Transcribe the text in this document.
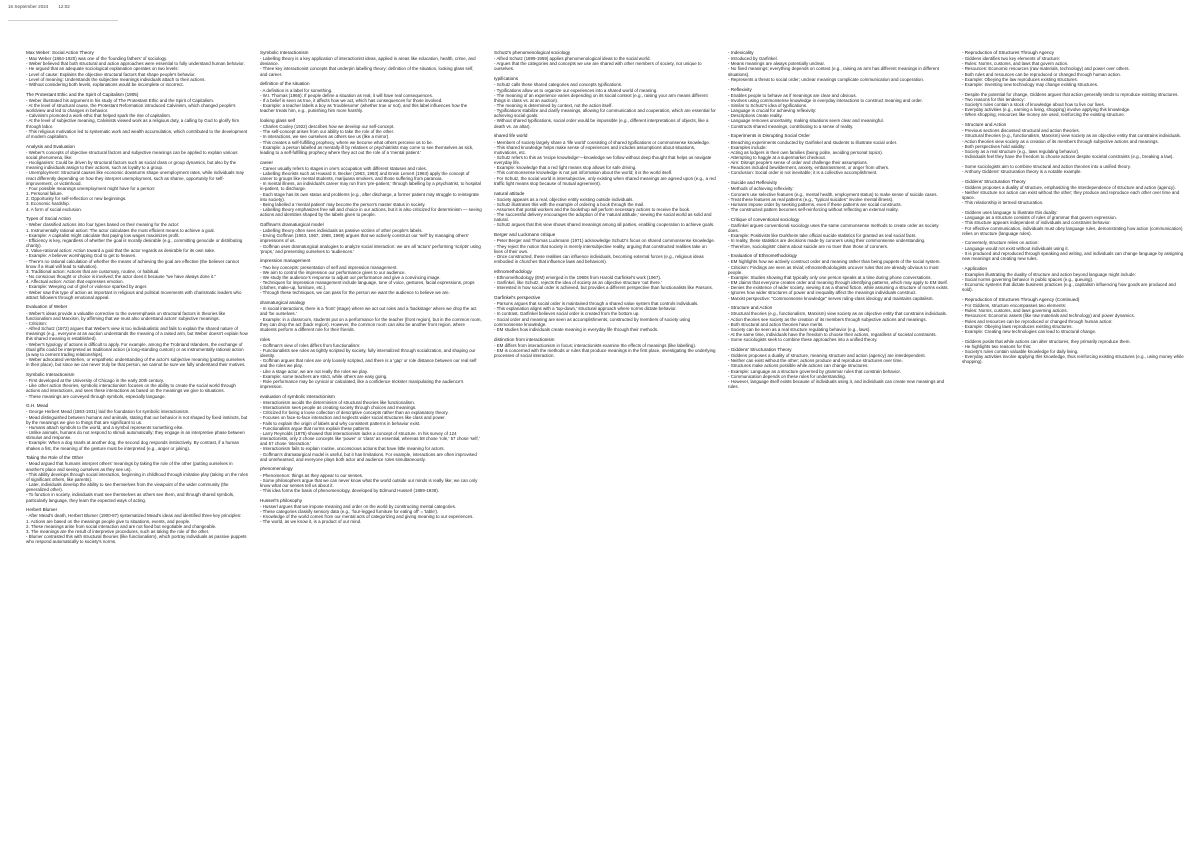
16 September 2024 12:02
Max Weber: Social Action Theory

- Max Weber (1864-1920) was one of the 'founding fathers' of sociology.

- Weber believed that both structural and action approaches were essential to fully understand human behavior.

- He argued that an adequate sociological explanation operates on two levels:

- Level of cause: Explains the objective structural factors that shape people's behavior.

- Level of meaning: Understands the subjective meanings individuals attach to their actions.

- Without considering both levels, explanations would be incomplete or incorrect.

The Protestant Ethic and the Spirit of Capitalism (1905)

- Weber illustrated his argument in his study of The Protestant Ethic and the Spirit of Capitalism.

- At the level of structural cause, the Protestant Reformation introduced Calvinism, which changed people's worldview and led to changes in behavior.

- Calvinism promoted a work ethic that helped spark the rise of capitalism.

- At the level of subjective meaning, Calvinists viewed work as a religious duty, a calling by God to glorify him through labor.

- This religious motivation led to systematic work and wealth accumulation, which contributed to the development of modern capitalism.

Analysis and Evaluation

- Weber's concepts of objective structural factors and subjective meanings can be applied to explain various social phenomena, like:

- Hooliganism: Could be driven by structural factors such as social class or group dynamics, but also by the meaning individuals assign to their actions, such as loyalty to a group.

- Unemployment: Structural causes like economic downturns shape unemployment rates, while individuals may react differently depending on how they interpret unemployment, such as shame, opportunity for self-improvement, or victimhood.

- Four possible meanings unemployment might have for a person:

1. Personal failure.

2. Opportunity for self-reflection or new beginnings.

3. Economic hardship.

4. A form of social exclusion.

Types of Social Action

- Weber classified actions into four types based on their meaning for the actor:

1. Instrumentally rational action: The actor calculates the most efficient means to achieve a goal.

- Example: A capitalist might calculate that paying low wages maximizes profit.

- Efficiency is key, regardless of whether the goal is morally desirable (e.g., committing genocide or distributing charity).

2. Value-rational action: Action toward a goal that the actor regards as desirable for its own sake.

- Example: A believer worshipping God to get to heaven.

- There's no rational calculation of whether the means of achieving the goal are effective (the believer cannot know if a ritual will lead to salvation).

3. Traditional action: Actions that are customary, routine, or habitual.

- No conscious thought or choice is involved; the actor does it because "we have always done it."

4. Affectual action: Action that expresses emotion.

- Example: Weeping out of grief or violence sparked by anger.

- Weber saw this type of action as important in religious and political movements with charismatic leaders who attract followers through emotional appeal.

Evaluation of Weber

- Weber's ideas provide a valuable corrective to the overemphasis on structural factors in theories like functionalism and Marxism, by affirming that we must also understand actors' subjective meanings.

- Criticism:

- Alfred Schutz (1972) argues that Weber's view is too individualistic and fails to explain the shared nature of meanings (e.g., everyone at an auction understands the meaning of a raised arm, but Weber doesn't explain how this shared meaning is established).

- Weber's typology of actions is difficult to apply. For example, among the Trobriand Islanders, the exchange of ritual gifts could be interpreted as traditional action (a long-standing custom) or as instrumentally rational action (a way to cement trading relationships).

- Weber advocated verstehen, or empathetic understanding of the actor's subjective meaning (putting ourselves in their place), but since we can never truly be that person, we cannot be sure we fully understand their motives.

Symbolic Interactionism

- First developed at the University of Chicago in the early 20th century.

- Like other action theories, symbolic interactionism focuses on the ability to create the social world through actions and interactions, and sees these interactions as based on the meanings we give to situations.

- These meanings are conveyed through symbols, especially language.

G.H. Mead

- George Herbert Mead (1863-1931) laid the foundation for symbolic interactionism.

- Mead distinguished between humans and animals, stating that our behavior is not shaped by fixed instincts, but by the meanings we give to things that are significant to us.

- Humans attach symbols to the world, and a symbol represents something else.

- Unlike animals, humans do not respond to stimuli automatically; they engage in an interpretive phase between stimulus and response.

- Example: When a dog snarls at another dog, the second dog responds instinctively. By contrast, if a human shakes a fist, the meaning of the gesture must be interpreted (e.g., anger or joking).

Taking the Role of the Other

- Mead argued that humans interpret others' meanings by taking the role of the other (putting ourselves in another's place and seeing ourselves as they see us).

- This ability develops through social interaction, beginning in childhood through imitative play (taking on the roles of significant others, like parents).

- Later, individuals develop the ability to see themselves from the viewpoint of the wider community (the generalized other).

- To function in society, individuals must see themselves as others see them, and through shared symbols, particularly language, they learn the expected ways of acting.

Herbert Blumer

- After Mead's death, Herbert Blumer (1900-87) systematized Mead's ideas and identified three key principles:

1. Actions are based on the meanings people give to situations, events, and people.

2. These meanings arise from social interaction and are not fixed but negotiable and changeable.

3. The meanings are the result of interpretive procedures, such as taking the role of the other.

- Blumer contrasted this with structural theories (like functionalism), which portray individuals as passive puppets who respond automatically to society's norms.

Symbolic Interactionism

- Labelling theory is a key application of interactionist ideas, applied in areas like education, health, crime, and deviance.

- Three key interactionist concepts that underpin labelling theory: definition of the situation, looking glass self, and career.

definition of the situation

- A definition is a label for something.

- W.I. Thomas (1966): If people define a situation as real, it will have real consequences.

- If a belief is seen as true, it affects how we act, which has consequences for those involved.

- Example: a teacher labels a boy as 'troublesome' (whether true or not), and this label influences how the teacher treats him, e.g., punishing him more harshly.

looking glass self

- Charles Cooley (1922) describes how we develop our self-concept.

- The self-concept arises from our ability to take the role of the other.

- In interactions, we see ourselves as others see us (like a mirror).

- This creates a self-fulfilling prophecy, where we become what others perceive us to be.

- Example: a person labelled as mentally ill by relatives or psychiatrists may come to see themselves as sick, leading to a self-fulfilling prophecy where they act out the role of a 'mental patient.'

career

- Career usually refers to stages in one's occupation with different statuses and roles.

- Labelling theorists such as Howard S. Becker (1963, 1963) and Erwin Lemert (1963) apply the concept of career to groups like mental students, marijuana smokers, and those suffering from paranoia.

- In mental illness, an individual's career may run from 'pre-patient,' through labelling by a psychiatrist, to hospital in-patient, to discharge.

- Each stage has its own status and problems (e.g., after discharge, a former patient may struggle to reintegrate into society).

- Being labelled a 'mental patient' may become the person's master status in society.

- Labelling theory emphasizes free will and choice in our actions, but it is also criticized for determinism — seeing actions and identities shaped by the labels given to people.

Goffman's dramaturgical model

- Labelling theory often sees individuals as passive victims of other people's labels.

- Erving Goffman (1963, 1967, 1968, 1969) argues that we actively construct our 'self' by managing others' impressions of us.

- Goffman uses dramaturgical analogies to analyze social interaction: we are all 'actors' performing 'scripts' using 'props,' and presenting ourselves to 'audiences.'

impression management

- Two key concepts: presentation of self and impression management.

- We aim to control the impression our performance gives to our audience.

- We study the audience's response to adjust our performance and give a convincing image.

- Techniques for impression management include language, tone of voice, gestures, facial expressions, props (clothes, make-up, furniture, etc.).

- Through these techniques, we can pass for the person we want the audience to believe we are.

dramaturgical analogy

- In social interactions, there is a 'front' (stage) where we act out roles and a 'backstage' where we drop the act and 'be ourselves.'

- Example: in a classroom, students put on a performance for the teacher (front region), but in the common room, they can drop the act (back region). However, the common room can also be another front region, where students perform a different role for their friends.

roles

- Goffman's view of roles differs from functionalism:

- Functionalists see roles as tightly scripted by society, fully internalized through socialization, and shaping our identity.

- Goffman argues that roles are only loosely scripted, and there is a 'gap' or role distance between our real self and the roles we play.

- Like a stage actor, we are not really the roles we play.

- Example: some teachers are strict, while others are easy going.

- Role performance may be cynical or calculated, like a confidence trickster manipulating the audience's impression.

evaluation of symbolic interactionism

- Interactionism avoids the determinism of structural theories like functionalism.

- Interactionism sees people as creating society through choices and meanings.

- Criticized for being a loose collection of descriptive concepts rather than an explanatory theory.

- Focuses on face-to-face interaction and neglects wider social structures like class and power.

- Fails to explain the origin of labels and why consistent patterns in behavior exist.

- Functionalists argue that norms explain these patterns.

- Larry Reynolds (1975) showed that interactionism lacks a concept of structure. In his survey of 124 interactionists, only 2 chose concepts like 'power' or 'class' as essential, whereas 58 chose 'role,' 57 chose 'self,' and 57 chose 'interaction.'

- Interactionism fails to explain routine, unconscious actions that have little meaning for actors.

- Goffman's dramaturgical model is useful, but it has limitations. For example, interactions are often improvised and unrehearsed, and everyone plays both actor and audience roles simultaneously.

phenomenology

- Phenomenon: things as they appear to our senses.

- Some philosophers argue that we can never know what the world outside our minds is really like; we can only know what our senses tell us about it.

- This idea forms the basis of phenomenology, developed by Edmund Husserl (1859-1938).

Husserl's philosophy

- Husserl argues that we impose meaning and order on the world by constructing mental categories.

- These categories classify sensory data (e.g., 'four-legged furniture for eating off' = 'table').

- Knowledge of the world comes from our mental acts of categorizing and giving meaning to our experiences.

- The world, as we know it, is a product of our mind.

Schutz's phenomenological sociology

- Alfred Schutz (1899-1959) applies phenomenological ideas to the social world.

- Argues that the categories and concepts we use are shared with other members of society, not unique to ourselves.

typifications

- Schutz calls these shared categories and concepts typifications.

- Typifications allow us to organize our experiences into a shared world of meaning.

- The meaning of an experience varies depending on its social context (e.g., raising your arm means different things in class vs. at an auction).

- The meaning is determined by context, not the action itself.

- Typifications stabilize and clarify meanings, allowing for communication and cooperation, which are essential for achieving social goals.

- Without shared typifications, social order would be impossible (e.g., different interpretations of objects, like a death vs. an altar).

shared life world

- Members of society largely share a 'life world' consisting of shared typifications or commonsense knowledge.

- This shared knowledge helps make sense of experiences and includes assumptions about situations, motivations, etc.

- Schutz refers to this as 'recipe knowledge'—knowledge we follow without deep thought that helps us navigate everyday life.

- Example: knowledge that a red light means stop allows for safe driving.

- This commonsense knowledge is not just information about the world; it is the world itself.

- For Schutz, the social world is intersubjective, only existing when shared meanings are agreed upon (e.g., a red traffic light means stop because of mutual agreement).

natural attitude

- Society appears as a real, objective entity existing outside individuals.

- Schutz illustrates this with the example of ordering a book through the mail.

- Assumes that postal workers and the bookshop will perform necessary actions to receive the book.

- The successful delivery encourages the adoption of the 'natural attitude,' viewing the social world as solid and natural.

- Schutz argues that this view shows shared meanings among all parties, enabling cooperation to achieve goals.

Berger and Luckmann critique

- Peter Berger and Thomas Luckmann (1971) acknowledge Schutz's focus on shared commonsense knowledge.

- They reject the notion that society is merely intersubjective reality, arguing that constructed realities take on lives of their own.

- Once constructed, these realities can influence individuals, becoming external forces (e.g., religious ideas embodied in churches that influence laws and behaviors).

ethnomethodology

- Ethnomethodology (EM) emerged in the 1960s from Harold Garfinkel's work (1967).

- Garfinkel, like Schutz, rejects the idea of society as an objective structure 'out there.'

- Interested in how social order is achieved, but provides a different perspective than functionalists like Parsons.

Garfinkel's perspective

- Parsons argues that social order is maintained through a shared value system that controls individuals.

- This explanation aligns with a 'top-down,' structural approach where norms dictate behavior.

- In contrast, Garfinkel believes social order is created from the bottom up.

- Social order and meaning are seen as accomplishments, constructed by members of society using commonsense knowledge.

- EM studies how individuals create meaning in everyday life through their methods.

distinction from interactionism

- EM differs from interactionism in focus; interactionists examine the effects of meanings (like labelling).

- EM is concerned with the methods or rules that produce meanings in the first place, investigating the underlying processes of social interaction.

- Indexicality

- Introduced by Garfinkel.

- Means meanings are always potentially unclear.

- No fixed meanings; everything depends on context (e.g., raising an arm has different meanings in different situations).

- Represents a threat to social order; unclear meanings complicate communication and cooperation.

- Reflexivity

- Enables people to behave as if meanings are clear and obvious.

- Involves using commonsense knowledge in everyday interactions to construct meaning and order.

- Similar to Schutz's idea of typifications.

- Language is crucial for achieving reflexivity:

- Descriptions create reality.

- Language removes uncertainty, making situations seem clear and meaningful.

- Constructs shared meanings, contributing to a sense of reality.

- Experiments in Disrupting Social Order

- Breaching experiments conducted by Garfinkel and students to illustrate social order.

- Examples include:

- Acting as lodgers in their own families (being polite, avoiding personal topics).

- Attempting to haggle at a supermarket checkout.

- Aim: Disrupt people's sense of order and challenge their assumptions.

- Reactions included bewilderment, anxiety, embarrassment, or anger from others.

- Conclusion: Social order is not inevitable; it is a collective accomplishment.

- Suicide and Reflexivity

- Methods of achieving reflexivity:

- Coroners use selective features (e.g., mental health, employment status) to make sense of suicide cases.

- Treat these features as real patterns (e.g., "typical suicides" involve mental illness).

- Humans impose order by seeking patterns, even if these patterns are social constructs.

- The constructed pattern becomes self-reinforcing without reflecting an external reality.

- Critique of conventional sociology

- Garfinkel argues conventional sociology uses the same commonsense methods to create order as society does.

- Example: Positivists like Durkheim take official suicide statistics for granted as real social facts.

- In reality, these statistics are decisions made by coroners using their commonsense understanding.

- Therefore, sociologists' claims about suicide are no truer than those of coroners.

- Evaluation of Ethnomethodology

- EM highlights how we actively construct order and meaning rather than being puppets of the social system.

- Criticism: Findings are seen as trivial; ethnomethodologists uncover rules that are already obvious to most people.

- Example: Studies showing that typically only one person speaks at a time during phone conversations.

- EM claims that everyone creates order and meaning through identifying patterns, which may apply to EM itself.

- Denies the existence of wider society, viewing it as a shared fiction, while assuming a structure of norms exists.

- Ignores how wider structures of power and inequality affect the meanings individuals construct.

- Marxist perspective: "Commonsense knowledge" serves ruling-class ideology and maintains capitalism.

- Structure and Action

- Structural theories (e.g., functionalism, Marxism) view society as an objective entity that constrains individuals.

- Action theories see society as the creation of its members through subjective actions and meanings.

- Both structural and action theories have merits.

- Society can be seen as a real structure regulating behavior (e.g., laws).

- At the same time, individuals have the freedom to choose their actions, regardless of societal constraints.

- Some sociologists seek to combine these approaches into a unified theory.

- Giddens' Structuration Theory

- Giddens proposes a duality of structure, meaning structure and action (agency) are interdependent.

- Neither can exist without the other; actions produce and reproduce structures over time.

- Structures make actions possible while actions can change structures.

- Example: Language as a structure governed by grammar rules that constrain behavior.

- Communication depends on these rules for understanding.

- However, language itself exists because of individuals using it, and individuals can create new meanings and rules.

- Reproduction of Structures Through Agency

- Giddens identifies two key elements of structure:

- Rules: Norms, customs, and laws that govern action.

- Resources: Economic resources (raw materials, technology) and power over others.

- Both rules and resources can be reproduced or changed through human action.

- Example: Obeying the law reproduces existing structures.

- Example: Inventing new technology may change existing structures.

- Despite the potential for change, Giddens argues that action generally tends to reproduce existing structures.

- Two reasons for this tendency:

- Society's rules contain a stock of knowledge about how to live our lives.

- Everyday activities (e.g., earning a living, shopping) involve applying this knowledge.

- When shopping, resources like money are used, reinforcing the existing structure.

- Structure and Action

- Previous sections discussed structural and action theories.

- Structural theories (e.g., functionalism, Marxism) view society as an objective entity that constrains individuals.

- Action theories view society as a creation of its members through subjective actions and meanings.

- Both perspectives hold validity:

- Society as a real structure (e.g., laws regulating behavior).

- Individuals feel they have the freedom to choose actions despite societal constraints (e.g., breaking a law).

- Some sociologists aim to combine structural and action theories into a unified theory.

- Anthony Giddens' structuration theory is a notable example.

- Giddens' Structuration Theory

- Giddens proposes a duality of structure, emphasizing the interdependence of structure and action (agency).

- Neither structure nor action can exist without the other; they produce and reproduce each other over time and space.

- This relationship is termed structuration.

- Giddens uses language to illustrate this duality:

- Language as a structure consists of rules of grammar that govern expression.

- This structure appears independent of individuals and constrains behavior.

- For effective communication, individuals must obey language rules, demonstrating how action (communication) relies on structure (language rules).

- Conversely, structure relies on action:

- Language would not exist without individuals using it.

- It is produced and reproduced through speaking and writing, and individuals can change language by assigning new meanings and creating new rules.

- Application

- Examples illustrating the duality of structure and action beyond language might include:

- Social norms governing behavior in public spaces (e.g., queuing).

- Economic systems that dictate business practices (e.g., capitalism influencing how goods are produced and sold).

- Reproduction of Structures Through Agency (Continued)

- For Giddens, structure encompasses two elements:

- Rules: Norms, customs, and laws governing actions.

- Resources: Economic assets (like raw materials and technology) and power dynamics.

- Rules and resources can be reproduced or changed through human action:

- Example: Obeying laws reproduces existing structures.

- Example: Creating new technologies can lead to structural change.

- Giddens posits that while actions can alter structures, they primarily reproduce them.

- He highlights two reasons for this:

- Society's rules contain valuable knowledge for daily living.

- Everyday activities involve applying this knowledge, thus reinforcing existing structures (e.g., using money while shopping).
